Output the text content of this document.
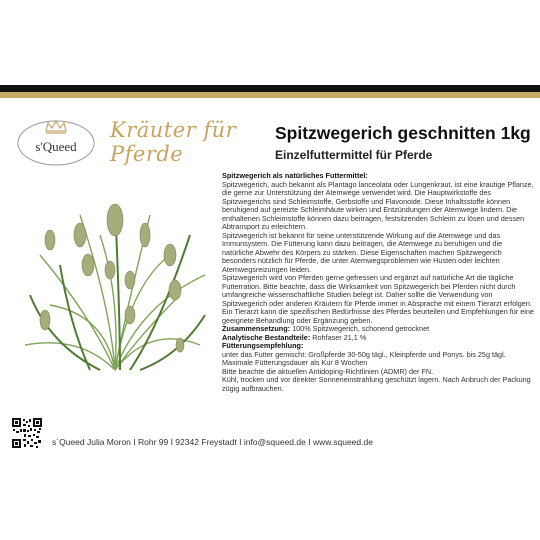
s'Queed
Kräuter für Pferde
Spitzwegerich geschnitten 1kg
Einzelfuttermittel für Pferde

Spitzwegerich als natürliches Futtermittel:

Spitzwegerich, auch bekannt als Plantago lanceolata oder Lungenkraut, ist eine krautige Pflanze, die gerne zur Unterstützung der Atemwege verwendet wird. Die Hauptwirkstoffe des Spitzwegerichs sind Schleimstoffe, Gerbstoffe und Flavonoide. Diese Inhaltsstoffe können beruhigend auf gereizte Schleimhäute wirken und Entzündungen der Atemwege lindern. Die enthaltenen Schleimstoffe können dazu beitragen, festsitzenden Schleim zu lösen und dessen Abtransport zu erleichtern.

Spitzwegerich ist bekannt für seine unterstützende Wirkung auf die Atemwege und das Immunsystem. Die Fütterung kann dazu beitragen, die Atemwege zu beruhigen und die natürliche Abwehr des Körpers zu stärken. Diese Eigenschaften machen Spitzwegerich besonders nützlich für Pferde, die unter Atemwegsproblemen wie Husten oder leichten Atemwegsreizungen leiden.

Spitzwegerich wird von Pferden gerne gefressen und ergänzt auf natürliche Art die tägliche Futterration. Bitte beachte, dass die Wirksamkeit von Spitzwegerich bei Pferden nicht durch umfangreiche wissenschaftliche Studien belegt ist. Daher sollte die Verwendung von Spitzwegerich oder anderen Kräutern für Pferde immer in Absprache mit einem Tierarzt erfolgen. Ein Tierarzt kann die spezifischen Bedürfnisse des Pferdes beurteilen und Empfehlungen für eine geeignete Behandlung oder Ergänzung geben.

Zusammensetzung: 100% Spitzwegerich, schonend getrocknet

Analytische Bestandteile: Rohfaser 21,1 %

Fütterungsempfehlung:

unter das Futter gemischt: Großpferde 30-50g tägl., Kleinpferde und Ponys. bis 25g tägl.

Maximale Fütterungsdauer als Kur 8 Wochen

Bitte beachte die aktuellen Antidoping-Richtlinien (ADMR) der FN.

Kühl, trocken und vor direkter Sonneneinstrahlung geschützt lagern. Nach Anbruch der Packung zügig aufbrauchen.

s´Queed Julia Moron I Rohr 99 I 92342 Freystadt I info@squeed.de I www.squeed.de
